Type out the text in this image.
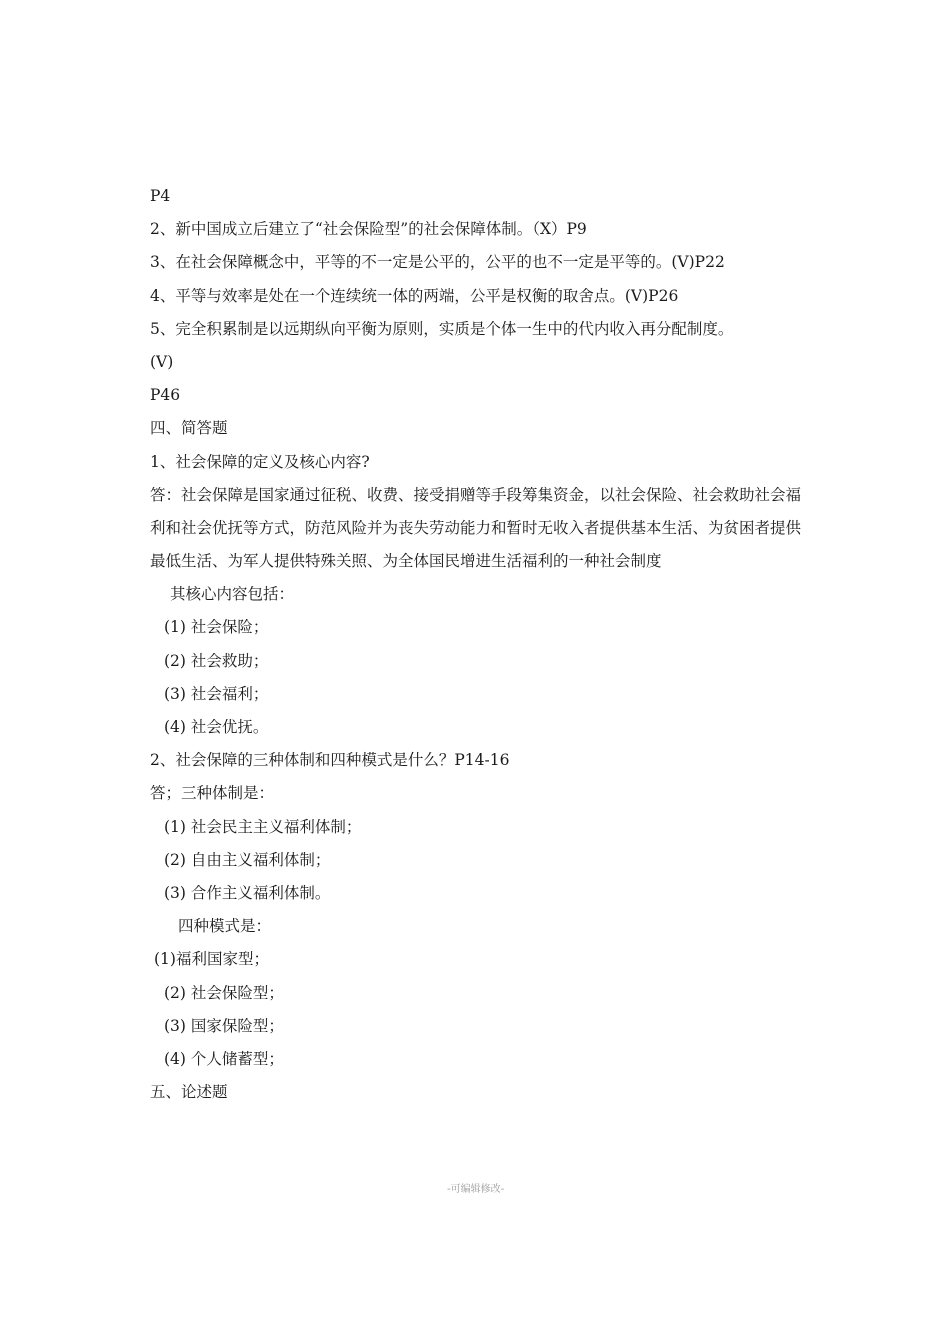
P4
2、新中国成立后建立了“社会保险型”的社会保障体制。（X）P9
3、在社会保障概念中，平等的不一定是公平的，公平的也不一定是平等的。(V)P22
4、平等与效率是处在一个连续统一体的两端，公平是权衡的取舍点。(V)P26
5、完全积累制是以远期纵向平衡为原则，实质是个体一生中的代内收入再分配制度。
(V)
P46
四、简答题
1、社会保障的定义及核心内容?
答：社会保障是国家通过征税、收费、接受捐赠等手段筹集资金，以社会保险、社会救助社会福利和社会优抚等方式，防范风险并为丧失劳动能力和暂时无收入者提供基本生活、为贫困者提供最低生活、为军人提供特殊关照、为全体国民增进生活福利的一种社会制度
其核心内容包括：
(1) 社会保险；
(2) 社会救助；
(3) 社会福利；
(4) 社会优抚。
2、社会保障的三种体制和四种模式是什么？P14-16
答；三种体制是：
(1) 社会民主主义福利体制；
(2) 自由主义福利体制；
(3) 合作主义福利体制。
四种模式是：
(1)福利国家型；
(2) 社会保险型；
(3) 国家保险型；
(4) 个人储蓄型；
五、论述题
-可编辑修改-
